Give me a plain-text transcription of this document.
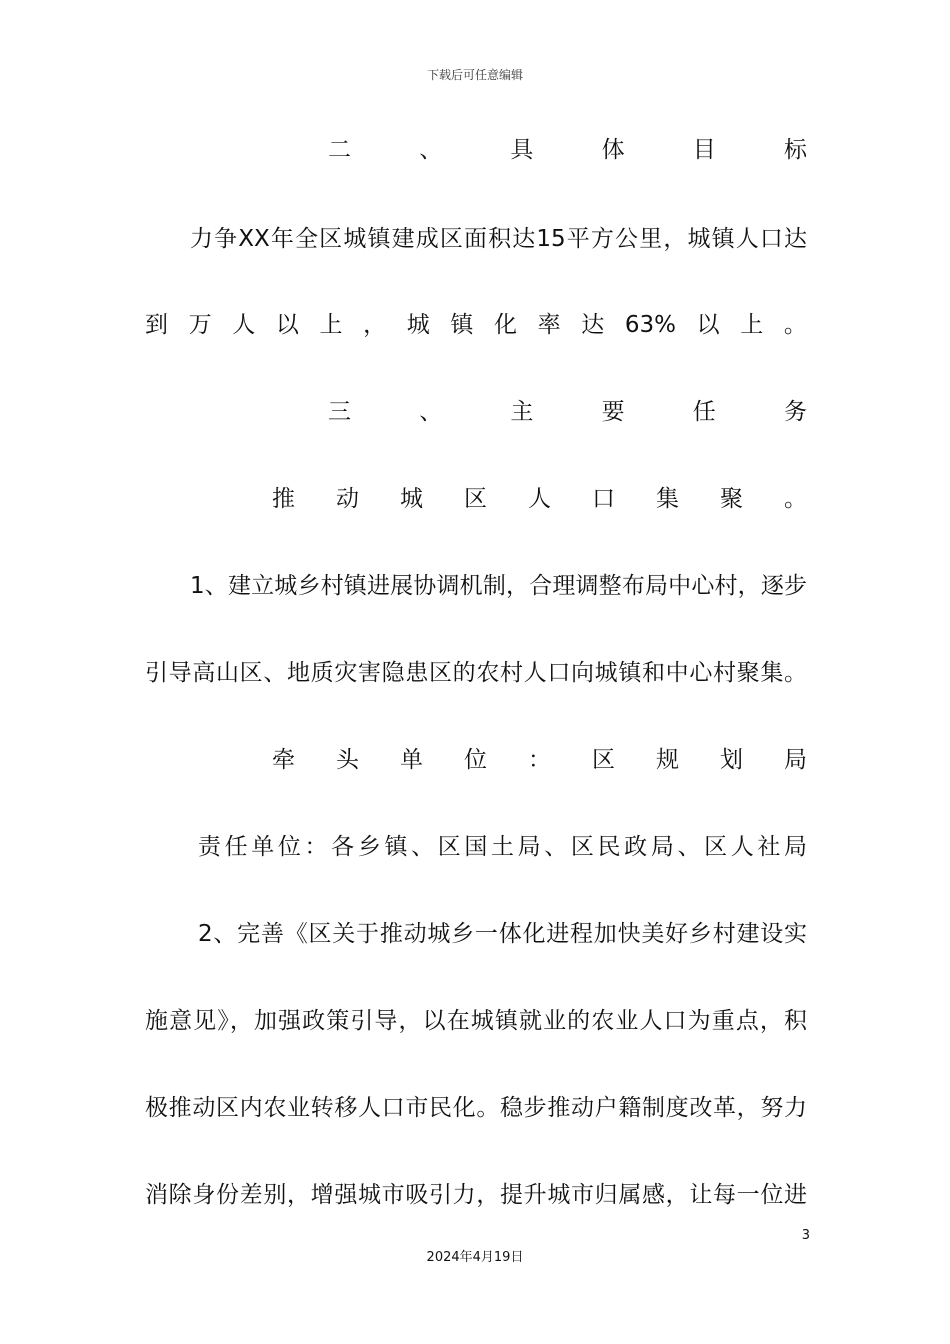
下载后可任意编辑
二	、	具	体	目	标
力争XX年全区城镇建成区面积达15平方公里，城镇人口达
到 万 人 以 上 ， 城 镇 化 率 达 63% 以 上 。
三	、	主	要	任	务
推 动 城 区 人 口 集 聚 。
1、建立城乡村镇进展协调机制，合理调整布局中心村，逐步
引导高山区、地质灾害隐患区的农村人口向城镇和中心村聚集。
牵 头 单 位 ： 区 规 划 局
责任单位：各乡镇、区国土局、区民政局、区人社局
2、完善《区关于推动城乡一体化进程加快美好乡村建设实
施意见》，加强政策引导，以在城镇就业的农业人口为重点，积
极推动区内农业转移人口市民化。稳步推动户籍制度改革，努力
消除身份差别，增强城市吸引力，提升城市归属感，让每一位进
3
2024年4月19日
